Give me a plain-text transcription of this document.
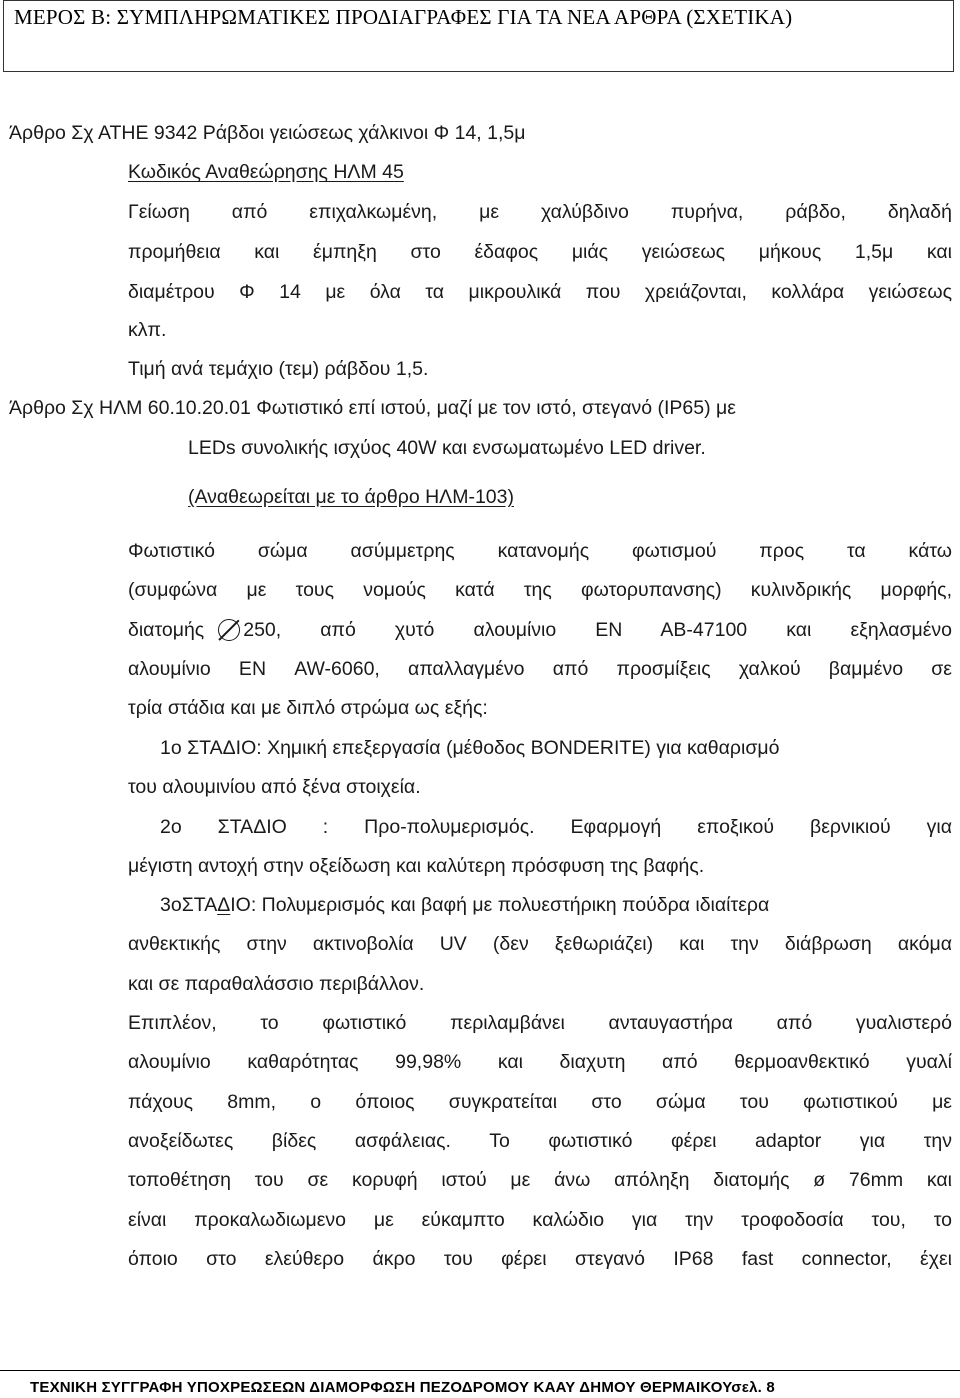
ΜΕΡΟΣ Β: ΣΥΜΠΛΗΡΩΜΑΤΙΚΕΣ ΠΡΟΔΙΑΓΡΑΦΕΣ ΓΙΑ ΤΑ ΝΕΑ ΑΡΘΡΑ (ΣΧΕΤΙΚΑ)
Άρθρο Σχ ΑΤΗΕ 9342 Ράβδοι γειώσεως χάλκινοι Φ 14, 1,5μ
Κωδικός Αναθεώρησης ΗΛΜ 45
Γείωση από επιχαλκωμένη, με χαλύβδινο πυρήνα, ράβδο, δηλαδή
προμήθεια και έμπηξη στο έδαφος μιάς γειώσεως μήκους 1,5μ και
διαμέτρου Φ 14 με όλα τα μικρουλικά που χρειάζονται, κολλάρα γειώσεως
κλπ.
Τιμή ανά τεμάχιο (τεμ) ράβδου 1,5.
Άρθρο Σχ ΗΛΜ 60.10.20.01 Φωτιστικό επί ιστού, μαζί με τον ιστό, στεγανό (IP65) με
LEDs συνολικής ισχύος 40W και ενσωματωμένο LED driver.
(Αναθεωρείται με το άρθρο ΗΛΜ-103)
Φωτιστικό σώμα ασύμμετρης κατανομής φωτισμού προς τα κάτω
(συμφώνα με τους νομούς κατά της φωτορυπανσης) κυλινδρικής μορφής,
διατομής 250, από χυτό αλουμίνιο ΕΝ ΑΒ-47100 και εξηλασμένο
αλουμίνιο ΕΝ AW-6060, απαλλαγμένο από προσμίξεις χαλκού βαμμένο σε
τρία στάδια και με διπλό στρώμα ως εξής:
1ο ΣΤΑΔΙΟ: Χημική επεξεργασία (μέθοδος BONDERITE) για καθαρισμό
του αλουμινίου από ξένα στοιχεία.
2ο ΣΤΑΔΙΟ : Προ-πολυμερισμός. Εφαρμογή εποξικού βερνικιού για
μέγιστη αντοχή στην οξείδωση και καλύτερη πρόσφυση της βαφής.
3οΣΤΑΔΙΟ: Πολυμερισμός και βαφή με πολυεστήρικη πούδρα ιδιαίτερα
ανθεκτικής στην ακτινοβολία UV (δεν ξεθωριάζει) και την διάβρωση ακόμα
και σε παραθαλάσσιο περιβάλλον.
Επιπλέον, το φωτιστικό περιλαμβάνει ανταυγαστήρα από γυαλιστερό
αλουμίνιο καθαρότητας 99,98% και διαχυτη από θερμοανθεκτικό γυαλί
πάχους 8mm, ο όποιος συγκρατείται στο σώμα του φωτιστικού με
ανοξείδωτες βίδες ασφάλειας. Το φωτιστικό φέρει adaptor για την
τοποθέτηση του σε κορυφή ιστού με άνω απόληξη διατομής ø 76mm και
είναι προκαλωδιωμενο με εύκαμπτο καλώδιο για την τροφοδοσία του, το
όποιο στο ελεύθερο άκρο του φέρει στεγανό IP68 fast connector, έχει
ΤΕΧΝΙΚΗ ΣΥΓΓΡΑΦΗ ΥΠΟΧΡΕΩΣΕΩΝ ΔΙΑΜΟΡΦΩΣΗ ΠΕΖΟΔΡΟΜΟΥ ΚΑΑΥ ΔΗΜΟΥ ΘΕΡΜΑΙΚΟΥσελ. 8
